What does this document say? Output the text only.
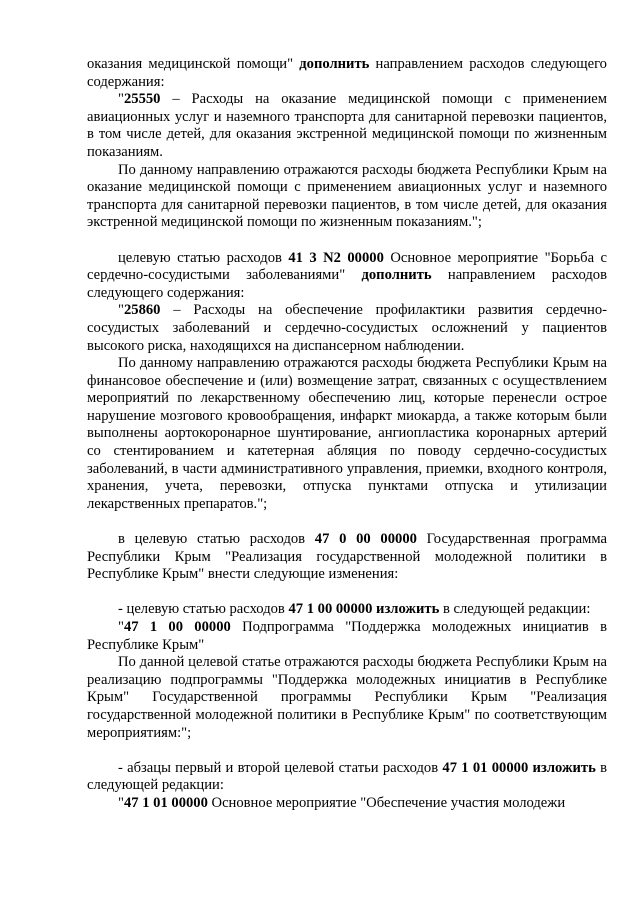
оказания медицинской помощи" дополнить направлением расходов следующего содержания:

"25550 – Расходы на оказание медицинской помощи с применением авиационных услуг и наземного транспорта для санитарной перевозки пациентов, в том числе детей, для оказания экстренной медицинской помощи по жизненным показаниям.

По данному направлению отражаются расходы бюджета Республики Крым на оказание медицинской помощи с применением авиационных услуг и наземного транспорта для санитарной перевозки пациентов, в том числе детей, для оказания экстренной медицинской помощи по жизненным показаниям.";

целевую статью расходов 41 3 N2 00000 Основное мероприятие "Борьба с сердечно-сосудистыми заболеваниями" дополнить направлением расходов следующего содержания:

"25860 – Расходы на обеспечение профилактики развития сердечно-сосудистых заболеваний и сердечно-сосудистых осложнений у пациентов высокого риска, находящихся на диспансерном наблюдении.

По данному направлению отражаются расходы бюджета Республики Крым на финансовое обеспечение и (или) возмещение затрат, связанных с осуществлением мероприятий по лекарственному обеспечению лиц, которые перенесли острое нарушение мозгового кровообращения, инфаркт миокарда, а также которым были выполнены аортокоронарное шунтирование, ангиопластика коронарных артерий со стентированием и катетерная абляция по поводу сердечно-сосудистых заболеваний, в части административного управления, приемки, входного контроля, хранения, учета, перевозки, отпуска пунктами отпуска и утилизации лекарственных препаратов.";

в целевую статью расходов 47 0 00 00000 Государственная программа Республики Крым "Реализация государственной молодежной политики в Республике Крым" внести следующие изменения:

- целевую статью расходов 47 1 00 00000 изложить в следующей редакции:

"47 1 00 00000 Подпрограмма "Поддержка молодежных инициатив в Республике Крым"

По данной целевой статье отражаются расходы бюджета Республики Крым на реализацию подпрограммы "Поддержка молодежных инициатив в Республике Крым" Государственной программы Республики Крым "Реализация государственной молодежной политики в Республике Крым" по соответствующим мероприятиям:";

- абзацы первый и второй целевой статьи расходов 47 1 01 00000 изложить в следующей редакции:

"47 1 01 00000 Основное мероприятие "Обеспечение участия молодежи
